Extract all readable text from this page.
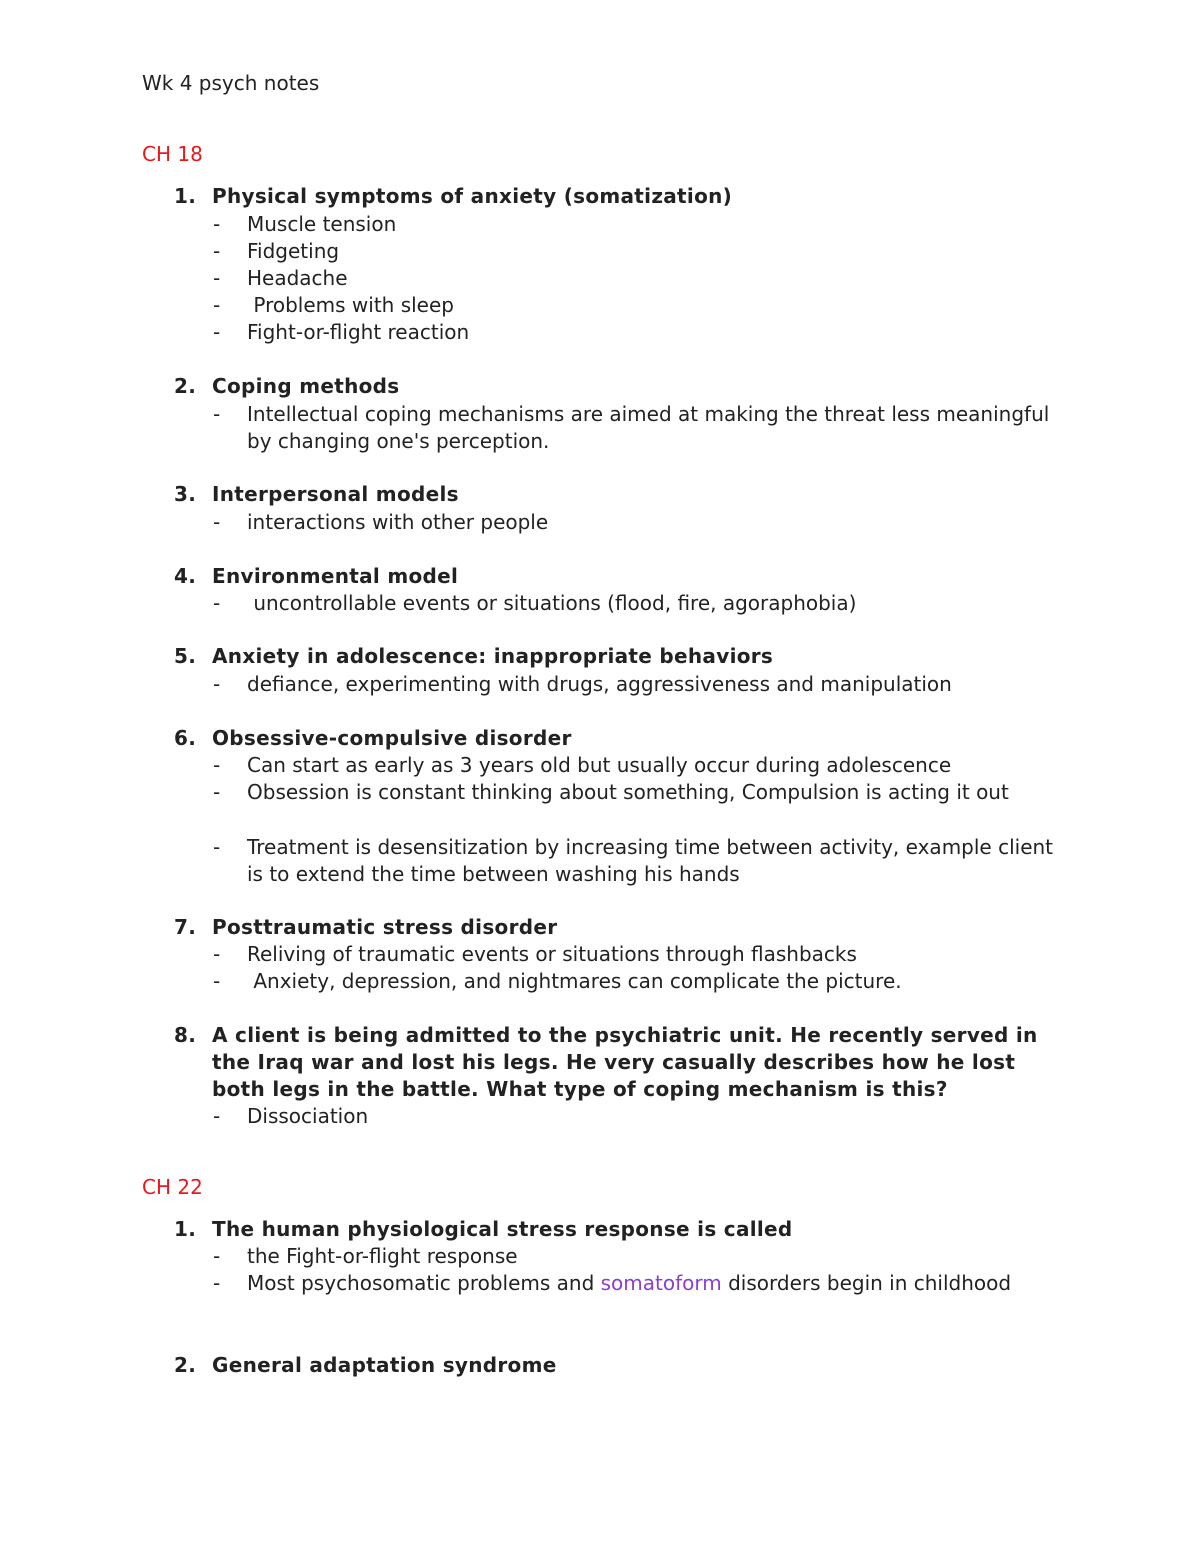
Wk 4 psych notes
CH 18
1. Physical symptoms of anxiety (somatization)
- Muscle tension
- Fidgeting
- Headache
- Problems with sleep
- Fight-or-flight reaction
2. Coping methods
- Intellectual coping mechanisms are aimed at making the threat less meaningful by changing one's perception.
3. Interpersonal models
- interactions with other people
4. Environmental model
- uncontrollable events or situations (flood, fire, agoraphobia)
5. Anxiety in adolescence: inappropriate behaviors
- defiance, experimenting with drugs, aggressiveness and manipulation
6. Obsessive-compulsive disorder
- Can start as early as 3 years old but usually occur during adolescence
- Obsession is constant thinking about something, Compulsion is acting it out
- Treatment is desensitization by increasing time between activity, example client is to extend the time between washing his hands
7. Posttraumatic stress disorder
- Reliving of traumatic events or situations through flashbacks
- Anxiety, depression, and nightmares can complicate the picture.
8. A client is being admitted to the psychiatric unit. He recently served in the Iraq war and lost his legs. He very casually describes how he lost both legs in the battle. What type of coping mechanism is this?
- Dissociation
CH 22
1. The human physiological stress response is called
- the Fight-or-flight response
- Most psychosomatic problems and somatoform disorders begin in childhood
2. General adaptation syndrome
